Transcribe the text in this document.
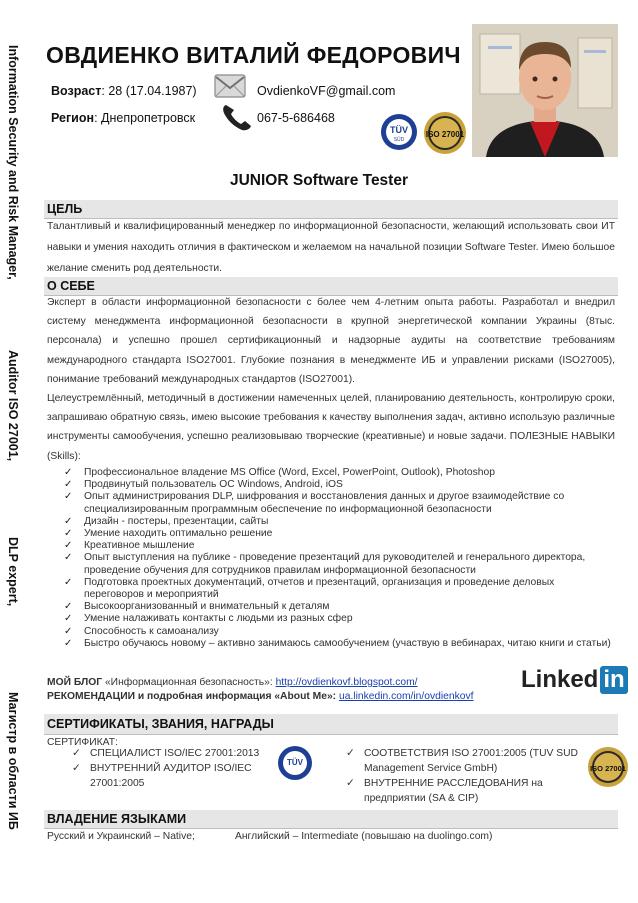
Information Security and Risk Manager,
Auditor ISO 27001,
DLP expert,
Магистр в области ИБ
ОВДИЕНКО ВИТАЛИЙ ФЕДОРОВИЧ
Возраст: 28 (17.04.1987)
Регион: Днепропетровск
OvdienkoVF@gmail.com
067-5-686468
TÜV
SÜD
ISO 27001
JUNIOR Software Tester
ЦЕЛЬ

Талантливый и квалифицированный менеджер по информационной безопасности, желающий использовать свои ИТ навыки и умения находить отличия в фактическом и желаемом на начальной позиции Software Tester. Имею большое желание сменить род деятельности.

О СЕБЕ

Эксперт в области информационной безопасности с более чем 4-летним опыта работы. Разработал и внедрил систему менеджмента информационной безопасности в крупной энергетической компании Украины (8тыс. персонала) и успешно прошел сертификационный и надзорные аудиты на соответствие требованиям международного стандарта ISO27001. Глубокие познания в менеджменте ИБ и управлении рисками (ISO27005), понимание требований международных стандартов (ISO27001).

Целеустремлённый, методичный в достижении намеченных целей, планированию деятельность, контролирую сроки, запрашиваю обратную связь, имею высокие требования к качеству выполнения задач, активно использую различные инструменты самообучения, успешно реализовываю творческие (креативные) и новые задачи. ПОЛЕЗНЫЕ НАВЫКИ (Skills):

✓ Профессиональное владение MS Office (Word, Excel, PowerPoint, Outlook), Photoshop
✓ Продвинутый пользователь ОС Windows, Android, iOS
✓ Опыт администрирования DLP, шифрования и восстановления данных и другое взаимодействие со специализированным программным обеспечение по информационной безопасности
✓ Дизайн - постеры, презентации, сайты
✓ Умение находить оптимально решение
✓ Креативное мышление
✓ Опыт выступления на публике - проведение презентаций для руководителей и генерального директора, проведение обучения для сотрудников правилам информационной безопасности
✓ Подготовка проектных документаций, отчетов и презентаций, организация и проведение деловых переговоров и мероприятий
✓ Высокоорганизованный и внимательный к деталям
✓ Умение налаживать контакты с людьми из разных сфер
✓ Способность к самоанализу
✓ Быстро обучаюсь новому – активно занимаюсь самообучением (участвую в вебинарах, читаю книги и статьи)
МОЙ БЛОГ «Информационная безопасность»: http://ovdienkovf.blogspot.com/
РЕКОМЕНДАЦИИ и подробная информация «About Me»: ua.linkedin.com/in/ovdienkovf
Linked in
СЕРТИФИКАТЫ, ЗВАНИЯ, НАГРАДЫ
СЕРТИФИКАТ:
✓ СПЕЦИАЛИСТ ISO/IEC 27001:2013
✓ ВНУТРЕННИЙ АУДИТОР ISO/IEC 27001:2005
TÜV
✓ СООТВЕТСТВИЯ ISO 27001:2005 (TUV SUD Management Service GmbH)
✓ ВНУТРЕННИЕ РАССЛЕДОВАНИЯ на предприятии (SA & CIP)
ISO 27001
ВЛАДЕНИЕ ЯЗЫКАМИ
Русский и Украинский – Native;	Английский – Intermediate (повышаю на duolingo.com)
